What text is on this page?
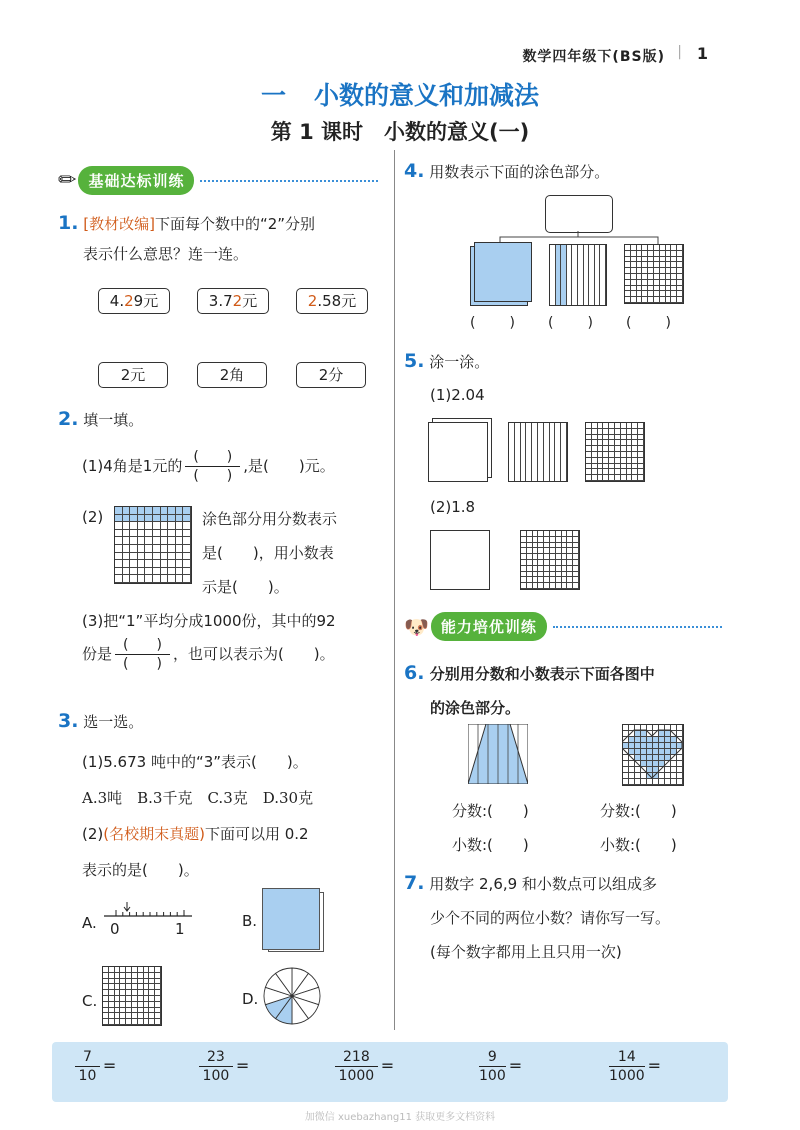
数学四年级下(BS版) | 1
一 小数的意义和加减法
第 1 课时　小数的意义(一)
✏ 基础达标训练
1. [教材改编]下面每个数中的“2”分别
表示什么意思？连一连。
4.29元	3.72元	2.58元
2元	2角	2分
2. 填一填。
(1)4角是1元的 $\frac{( )}{( )}$ ,是(　　)元。
(2)	涂色部分用分数表示
是(　　)，用小数表
示是(　　)。
(3)把“1”平均分成1000份，其中的92
份是 $\frac{( )}{( )}$ ，也可以表示为(　　)。
3. 选一选。
(1)5.673 吨中的“3”表示(　　)。
A.3吨　B.3千克　C.3克　D.30克
(2)(名校期末真题)下面可以用 0.2
表示的是(　　)。
A. 0	1	B.
C.	D.
4. 用数表示下面的涂色部分。
(　　) (　　) (　　)
5. 涂一涂。
(1)2.04
(2)1.8
🐶 能力培优训练
6. 分别用分数和小数表示下面各图中
的涂色部分。
分数:(　　)
小数:(　　)
分数:(　　)
小数:(　　)
7. 用数字 2,6,9 和小数点可以组成多
少个不同的两位小数？请你写一写。
(每个数字都用上且只用一次)
$\frac{7}{10}$ =	$\frac{23}{100}$ =	$\frac{218}{1000}$ =	$\frac{9}{100}$ =	$\frac{14}{1000}$ =
加微信 xuebazhang11 获取更多文档资料
